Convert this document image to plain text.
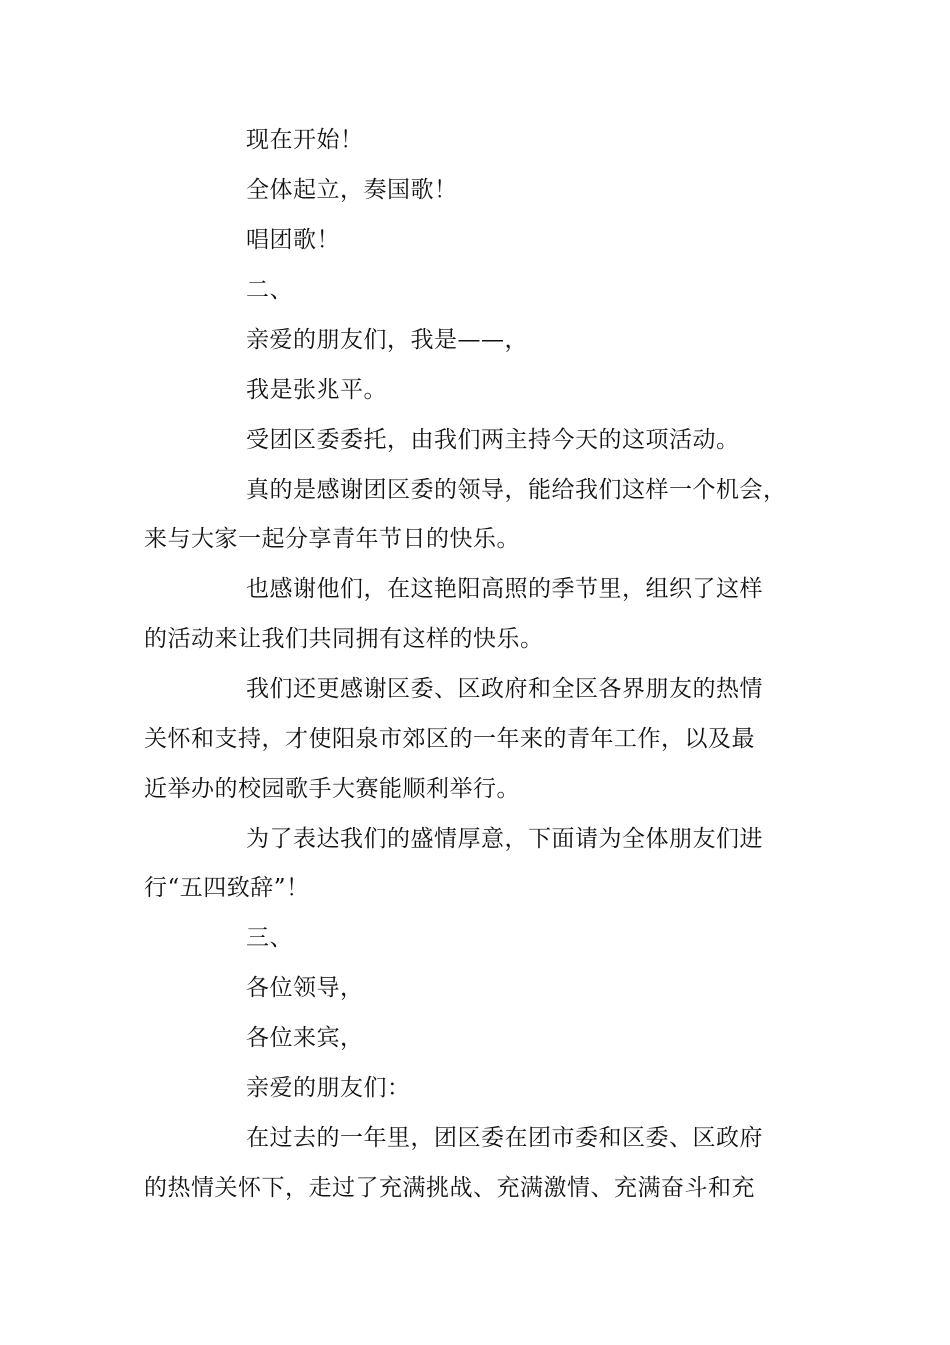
现在开始！
全体起立，奏国歌！
唱团歌！
二、
亲爱的朋友们，我是——，
我是张兆平。
受团区委委托，由我们两主持今天的这项活动。
真的是感谢团区委的领导，能给我们这样一个机会，
来与大家一起分享青年节日的快乐。
也感谢他们，在这艳阳高照的季节里，组织了这样
的活动来让我们共同拥有这样的快乐。
我们还更感谢区委、区政府和全区各界朋友的热情
关怀和支持，才使阳泉市郊区的一年来的青年工作，以及最
近举办的校园歌手大赛能顺利举行。
为了表达我们的盛情厚意，下面请为全体朋友们进
行“五四致辞”！
三、
各位领导，
各位来宾，
亲爱的朋友们：
在过去的一年里，团区委在团市委和区委、区政府
的热情关怀下，走过了充满挑战、充满激情、充满奋斗和充
